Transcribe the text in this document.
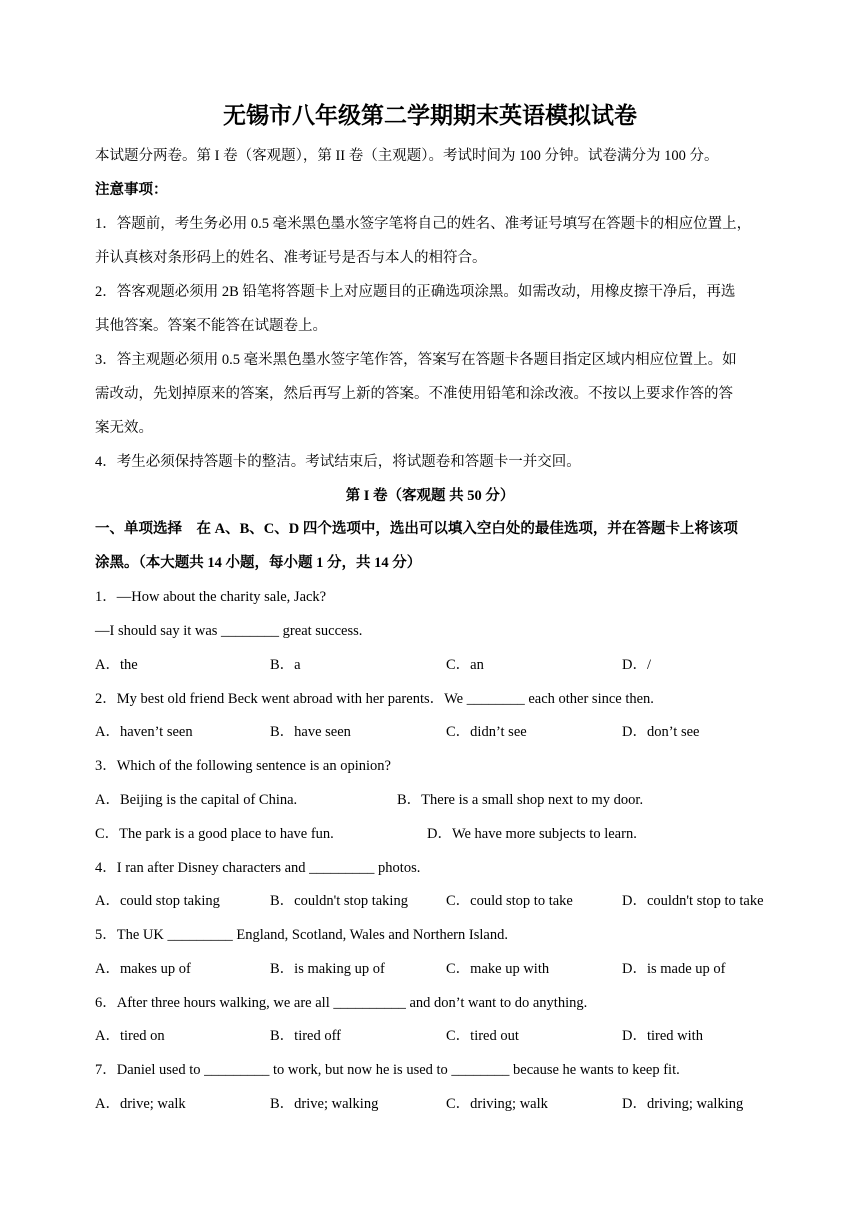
无锡市八年级第二学期期末英语模拟试卷
本试题分两卷。第 I 卷（客观题），第 II 卷（主观题）。考试时间为 100 分钟。试卷满分为 100 分。
注意事项：
1．答题前，考生务必用 0.5 毫米黑色墨水签字笔将自己的姓名、准考证号填写在答题卡的相应位置上，
并认真核对条形码上的姓名、准考证号是否与本人的相符合。
2．答客观题必须用 2B 铅笔将答题卡上对应题目的正确选项涂黑。如需改动，用橡皮擦干净后，再选
其他答案。答案不能答在试题卷上。
3．答主观题必须用 0.5 毫米黑色墨水签字笔作答，答案写在答题卡各题目指定区域内相应位置上。如
需改动，先划掉原来的答案，然后再写上新的答案。不准使用铅笔和涂改液。不按以上要求作答的答
案无效。
4．考生必须保持答题卡的整洁。考试结束后，将试题卷和答题卡一并交回。
第 I 卷（客观题 共 50 分）
一、单项选择　在 A、B、C、D 四个选项中，选出可以填入空白处的最佳选项，并在答题卡上将该项
涂黑。（本大题共 14 小题，每小题 1 分，共 14 分）
1．—How about the charity sale, Jack?
—I should say it was ________ great success.
A．the	B．a	C．an	D．/
2．My best old friend Beck went abroad with her parents．We ________ each other since then.
A．haven’t seen	B．have seen	C．didn’t see	D．don’t see
3．Which of the following sentence is an opinion?
A．Beijing is the capital of China.	B．There is a small shop next to my door.
C．The park is a good place to have fun.	D．We have more subjects to learn.
4．I ran after Disney characters and _________ photos.
A．could stop taking	B．couldn't stop taking	C．could stop to take	D．couldn't stop to take
5．The UK _________ England, Scotland, Wales and Northern Island.
A．makes up of	B．is making up of	C．make up with	D．is made up of
6．After three hours walking, we are all __________ and don’t want to do anything.
A．tired on	B．tired off	C．tired out	D．tired with
7．Daniel used to _________ to work, but now he is used to ________ because he wants to keep fit.
A．drive; walk	B．drive; walking	C．driving; walk	D．driving; walking
